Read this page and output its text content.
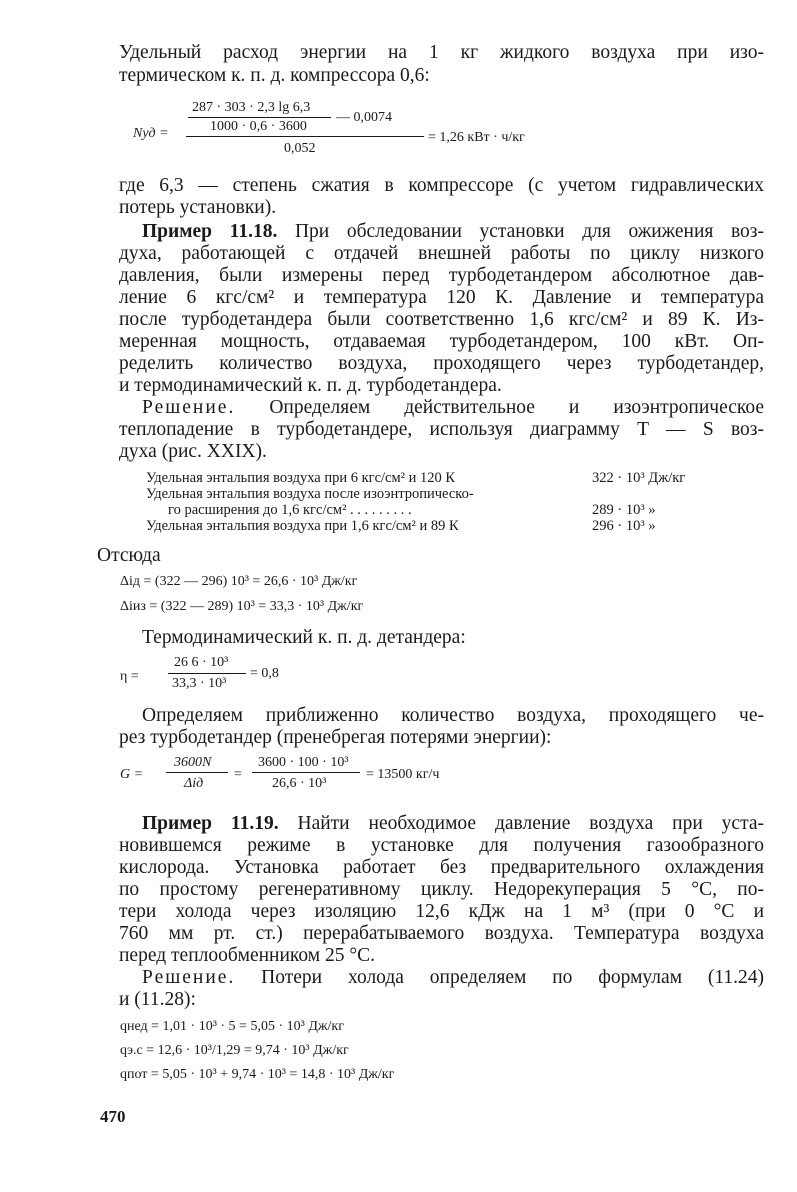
Удельный расход энергии на 1 кг жидкого воздуха при изо-
термическом к. п. д. компрессора 0,6:
Nуд =
287 · 303 · 2,3 lg 6,3
1000 · 0,6 · 3600
— 0,0074
0,052
= 1,26 кВт · ч/кг
где 6,3 — степень сжатия в компрессоре (с учетом гидравлических
потерь установки).
Пример 11.18. При обследовании установки для ожижения воз-
духа, работающей с отдачей внешней работы по циклу низкого
давления, были измерены перед турбодетандером абсолютное дав-
ление 6 кгс/см² и температура 120 К. Давление и температура
после турбодетандера были соответственно 1,6 кгс/см² и 89 К. Из-
меренная мощность, отдаваемая турбодетандером, 100 кВт. Оп-
ределить количество воздуха, проходящего через турбодетандер,
и термодинамический к. п. д. турбодетандера.
Решение. Определяем действительное и изоэнтропическое
теплопадение в турбодетандере, используя диаграмму T — S воз-
духа (рис. XXIX).
Удельная энтальпия воздуха при 6 кгс/см² и 120 К	322 · 10³ Дж/кг
Удельная энтальпия воздуха после изоэнтропическо-
го расширения до 1,6 кгс/см² . . . . . . . . .	289 · 10³ »
Удельная энтальпия воздуха при 1,6 кгс/см² и 89 К	296 · 10³ »
Отсюда
Δiд = (322 — 296) 10³ = 26,6 · 10³ Дж/кг
Δiиз = (322 — 289) 10³ = 33,3 · 10³ Дж/кг
Термодинамический к. п. д. детандера:
η =
26 6 · 10³
33,3 · 10³
= 0,8
Определяем приближенно количество воздуха, проходящего че-
рез турбодетандер (пренебрегая потерями энергии):
G =
3600N
Δiд
=
3600 · 100 · 10³
26,6 · 10³
= 13500 кг/ч
Пример 11.19. Найти необходимое давление воздуха при уста-
новившемся режиме в установке для получения газообразного
кислорода. Установка работает без предварительного охлаждения
по простому регенеративному циклу. Недорекуперация 5 °С, по-
тери холода через изоляцию 12,6 кДж на 1 м³ (при 0 °С и
760 мм рт. ст.) перерабатываемого воздуха. Температура воздуха
перед теплообменником 25 °С.
Решение. Потери холода определяем по формулам (11.24)
и (11.28):
qнед = 1,01 · 10³ · 5 = 5,05 · 10³ Дж/кг
qэ.с = 12,6 · 10³/1,29 = 9,74 · 10³ Дж/кг
qпот = 5,05 · 10³ + 9,74 · 10³ = 14,8 · 10³ Дж/кг
470
